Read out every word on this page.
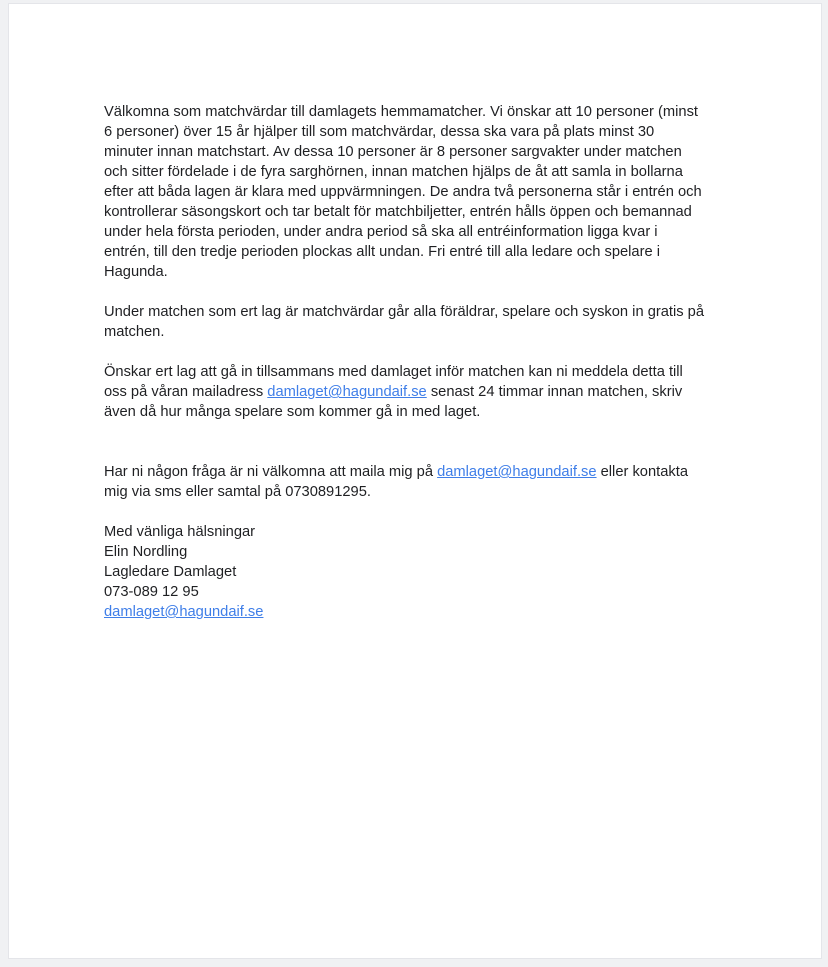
Välkomna som matchvärdar till damlagets hemmamatcher. Vi önskar att 10 personer (minst
6 personer) över 15 år hjälper till som matchvärdar, dessa ska vara på plats minst 30
minuter innan matchstart. Av dessa 10 personer är 8 personer sargvakter under matchen
och sitter fördelade i de fyra sarghörnen, innan matchen hjälps de åt att samla in bollarna
efter att båda lagen är klara med uppvärmningen. De andra två personerna står i entrén och
kontrollerar säsongskort och tar betalt för matchbiljetter, entrén hålls öppen och bemannad
under hela första perioden, under andra period så ska all entréinformation ligga kvar i
entrén, till den tredje perioden plockas allt undan. Fri entré till alla ledare och spelare i
Hagunda.
Under matchen som ert lag är matchvärdar går alla föräldrar, spelare och syskon in gratis på
matchen.
Önskar ert lag att gå in tillsammans med damlaget inför matchen kan ni meddela detta till
oss på våran mailadress damlaget@hagundaif.se senast 24 timmar innan matchen, skriv
även då hur många spelare som kommer gå in med laget.
Har ni någon fråga är ni välkomna att maila mig på damlaget@hagundaif.se eller kontakta
mig via sms eller samtal på 0730891295.
Med vänliga hälsningar
Elin Nordling
Lagledare Damlaget
073-089 12 95
damlaget@hagundaif.se
